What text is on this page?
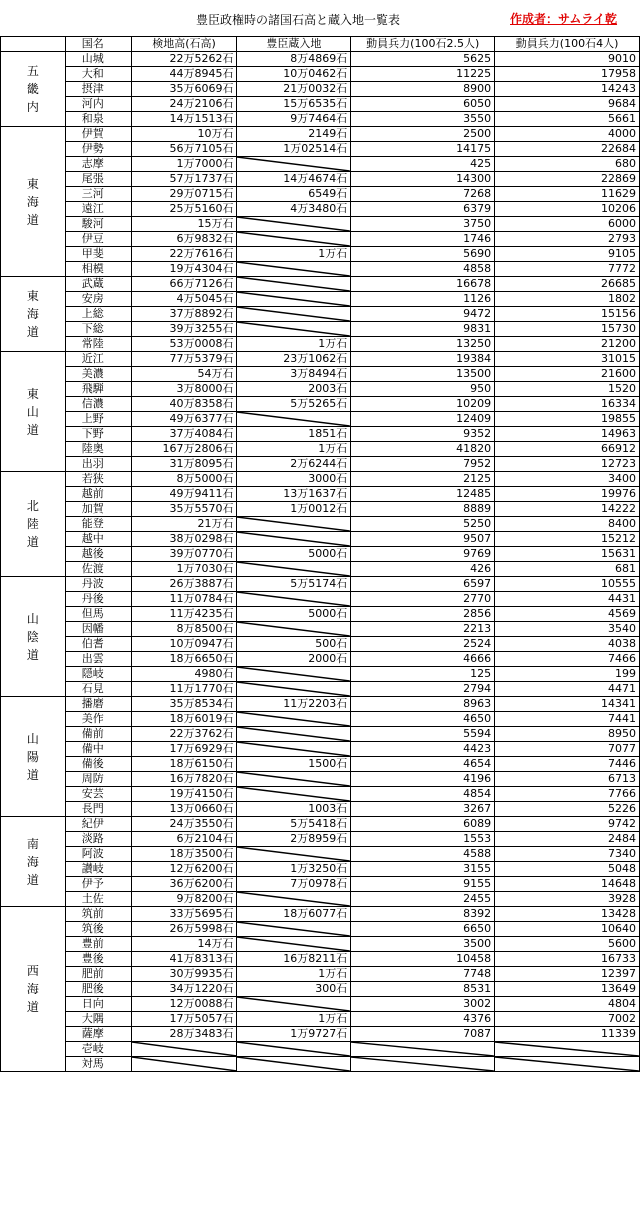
豊臣政権時の諸国石高と蔵入地一覧表	作成者：サムライ乾
	国名	検地高(石高)	豊臣蔵入地	動員兵力(100石2.5人)	動員兵力(100石4人)
五畿内	山城	22万5262石	8万4869石	5625	9010
	大和	44万8945石	10万0462石	11225	17958
	摂津	35万6069石	21万0032石	8900	14243
	河内	24万2106石	15万6535石	6050	9684
	和泉	14万1513石	9万7464石	3550	5661
東海道	伊賀	10万石	2149石	2500	4000
	伊勢	56万7105石	1万02514石	14175	22684
	志摩	1万7000石		425	680
	尾張	57万1737石	14万4674石	14300	22869
	三河	29万0715石	6549石	7268	11629
	遠江	25万5160石	4万3480石	6379	10206
	駿河	15万石		3750	6000
	伊豆	6万9832石		1746	2793
	甲斐	22万7616石	1万石	5690	9105
	相模	19万4304石		4858	7772
東海道	武蔵	66万7126石		16678	26685
	安房	4万5045石		1126	1802
	上総	37万8892石		9472	15156
	下総	39万3255石		9831	15730
	常陸	53万0008石	1万石	13250	21200
東山道	近江	77万5379石	23万1062石	19384	31015
	美濃	54万石	3万8494石	13500	21600
	飛騨	3万8000石	2003石	950	1520
	信濃	40万8358石	5万5265石	10209	16334
	上野	49万6377石		12409	19855
	下野	37万4084石	1851石	9352	14963
	陸奥	167万2806石	1万石	41820	66912
	出羽	31万8095石	2万6244石	7952	12723
北陸道	若狭	8万5000石	3000石	2125	3400
	越前	49万9411石	13万1637石	12485	19976
	加賀	35万5570石	1万0012石	8889	14222
	能登	21万石		5250	8400
	越中	38万0298石		9507	15212
	越後	39万0770石	5000石	9769	15631
	佐渡	1万7030石		426	681
山陰道	丹波	26万3887石	5万5174石	6597	10555
	丹後	11万0784石		2770	4431
	但馬	11万4235石	5000石	2856	4569
	因幡	8万8500石		2213	3540
	伯耆	10万0947石	500石	2524	4038
	出雲	18万6650石	2000石	4666	7466
	隠岐	4980石		125	199
	石見	11万1770石		2794	4471
山陽道	播磨	35万8534石	11万2203石	8963	14341
	美作	18万6019石		4650	7441
	備前	22万3762石		5594	8950
	備中	17万6929石		4423	7077
	備後	18万6150石	1500石	4654	7446
	周防	16万7820石		4196	6713
	安芸	19万4150石		4854	7766
	長門	13万0660石	1003石	3267	5226
南海道	紀伊	24万3550石	5万5418石	6089	9742
	淡路	6万2104石	2万8959石	1553	2484
	阿波	18万3500石		4588	7340
	讃岐	12万6200石	1万3250石	3155	5048
	伊予	36万6200石	7万0978石	9155	14648
	土佐	9万8200石		2455	3928
西海道	筑前	33万5695石	18万6077石	8392	13428
	筑後	26万5998石		6650	10640
	豊前	14万石		3500	5600
	豊後	41万8313石	16万8211石	10458	16733
	肥前	30万9935石	1万石	7748	12397
	肥後	34万1220石	300石	8531	13649
	日向	12万0088石		3002	4804
	大隅	17万5057石	1万石	4376	7002
	薩摩	28万3483石	1万9727石	7087	11339
	壱岐	

	対馬	
